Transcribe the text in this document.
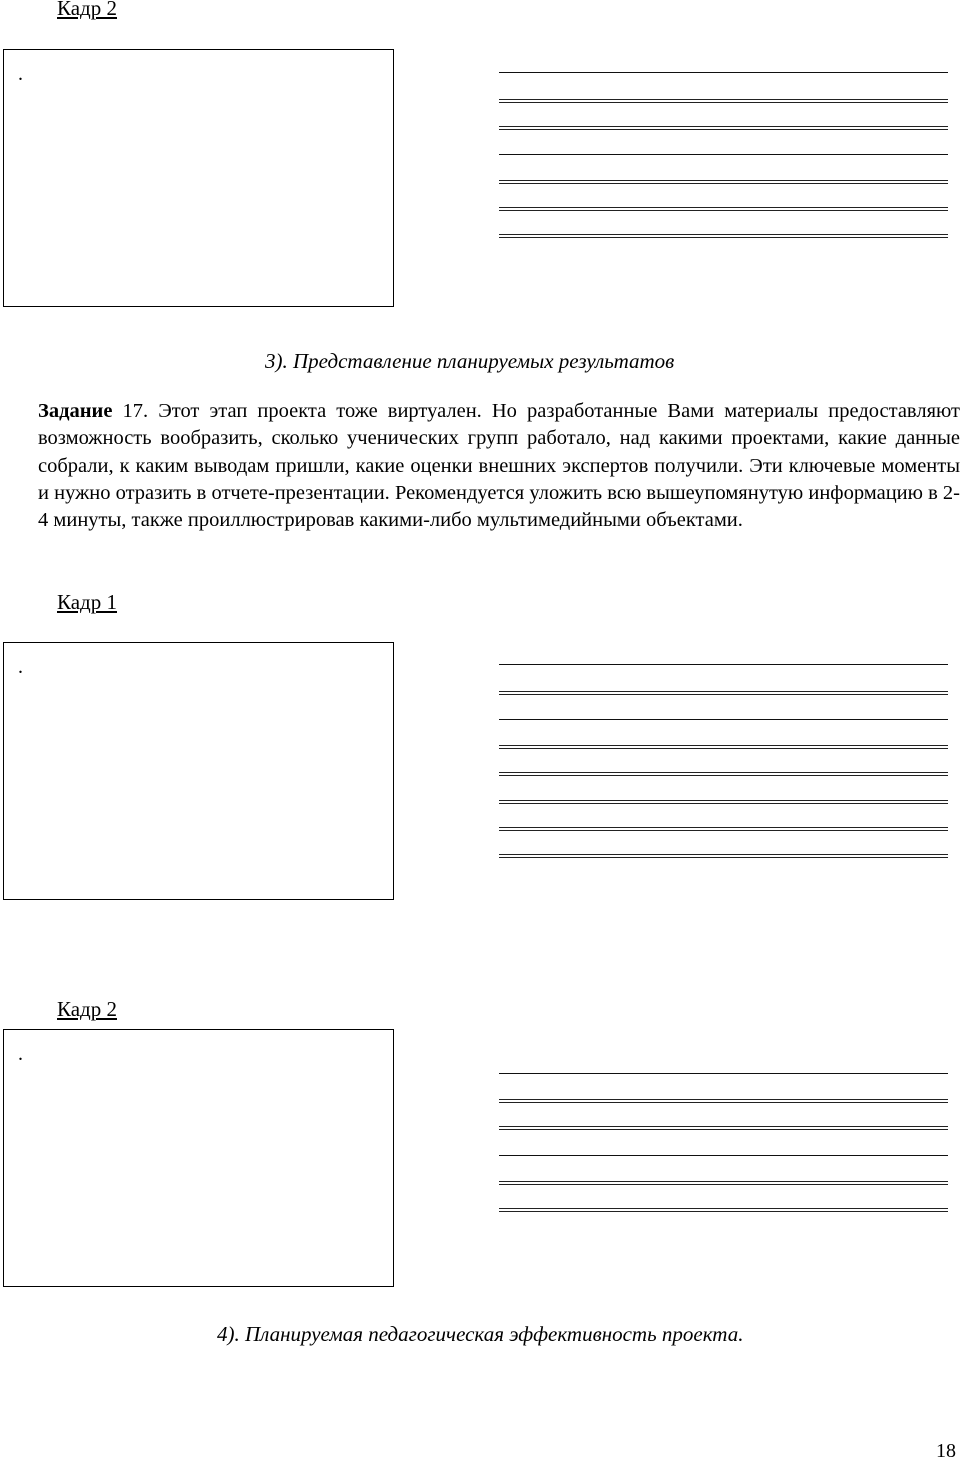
Кадр 2
.
3). Представление планируемых результатов
Задание 17. Этот этап проекта тоже виртуален. Но разработанные Вами материалы предоставляют возможность вообразить, сколько ученических групп работало, над какими проектами, какие данные собрали, к каким выводам пришли, какие оценки внешних экспертов получили. Эти ключевые моменты и нужно отразить в отчете-презентации. Рекомендуется уложить всю вышеупомянутую информацию в 2-4 минуты, также проиллюстрировав какими-либо мультимедийными объектами.
Кадр 1
.
Кадр 2
.
4). Планируемая педагогическая эффективность проекта.
18
